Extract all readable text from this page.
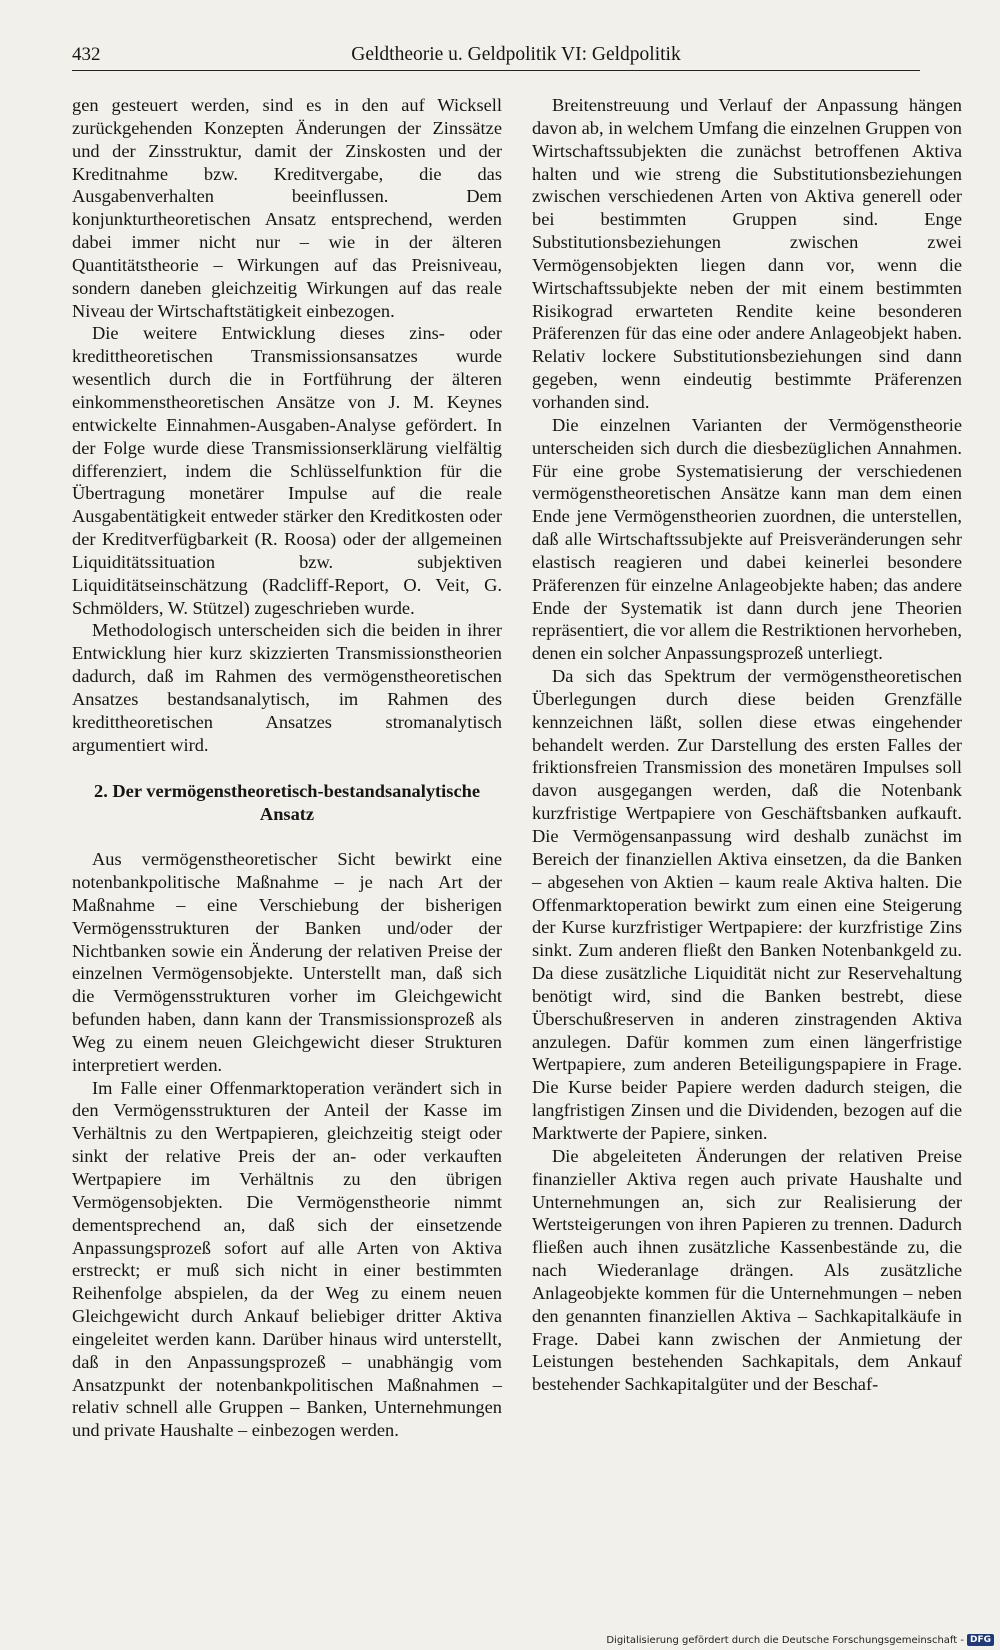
432	Geldtheorie u. Geldpolitik VI: Geldpolitik

gen gesteuert werden, sind es in den auf Wicksell zurückgehenden Konzepten Änderungen der Zinssätze und der Zinsstruktur, damit der Zinskosten und der Kreditnahme bzw. Kreditvergabe, die das Ausgabenverhalten beeinflussen. Dem konjunkturtheoretischen Ansatz entsprechend, werden dabei immer nicht nur – wie in der älteren Quantitätstheorie – Wirkungen auf das Preisniveau, sondern daneben gleichzeitig Wirkungen auf das reale Niveau der Wirtschaftstätigkeit einbezogen.

Die weitere Entwicklung dieses zins- oder kredittheoretischen Transmissionsansatzes wurde wesentlich durch die in Fortführung der älteren einkommenstheoretischen Ansätze von J. M. Keynes entwickelte Einnahmen-Ausgaben-Analyse gefördert. In der Folge wurde diese Transmissionserklärung vielfältig differenziert, indem die Schlüsselfunktion für die Übertragung monetärer Impulse auf die reale Ausgabentätigkeit entweder stärker den Kreditkosten oder der Kreditverfügbarkeit (R. Roosa) oder der allgemeinen Liquiditätssituation bzw. subjektiven Liquiditätseinschätzung (Radcliff-Report, O. Veit, G. Schmölders, W. Stützel) zugeschrieben wurde.

Methodologisch unterscheiden sich die beiden in ihrer Entwicklung hier kurz skizzierten Transmissionstheorien dadurch, daß im Rahmen des vermögenstheoretischen Ansatzes bestandsanalytisch, im Rahmen des kredittheoretischen Ansatzes stromanalytisch argumentiert wird.

2. Der vermögenstheoretisch-bestandsanalytische
Ansatz

Aus vermögenstheoretischer Sicht bewirkt eine notenbankpolitische Maßnahme – je nach Art der Maßnahme – eine Verschiebung der bisherigen Vermögensstrukturen der Banken und/oder der Nichtbanken sowie ein Änderung der relativen Preise der einzelnen Vermögensobjekte. Unterstellt man, daß sich die Vermögensstrukturen vorher im Gleichgewicht befunden haben, dann kann der Transmissionsprozeß als Weg zu einem neuen Gleichgewicht dieser Strukturen interpretiert werden.

Im Falle einer Offenmarktoperation verändert sich in den Vermögensstrukturen der Anteil der Kasse im Verhältnis zu den Wertpapieren, gleichzeitig steigt oder sinkt der relative Preis der an- oder verkauften Wertpapiere im Verhältnis zu den übrigen Vermögensobjekten. Die Vermögenstheorie nimmt dementsprechend an, daß sich der einsetzende Anpassungsprozeß sofort auf alle Arten von Aktiva erstreckt; er muß sich nicht in einer bestimmten Reihenfolge abspielen, da der Weg zu einem neuen Gleichgewicht durch Ankauf beliebiger dritter Aktiva eingeleitet werden kann. Darüber hinaus wird unterstellt, daß in den Anpassungsprozeß – unabhängig vom Ansatzpunkt der notenbankpolitischen Maßnahmen – relativ schnell alle Gruppen – Banken, Unternehmungen und private Haushalte – einbezogen werden.

Breitenstreuung und Verlauf der Anpassung hängen davon ab, in welchem Umfang die einzelnen Gruppen von Wirtschaftssubjekten die zunächst betroffenen Aktiva halten und wie streng die Substitutionsbeziehungen zwischen verschiedenen Arten von Aktiva generell oder bei bestimmten Gruppen sind. Enge Substitutionsbeziehungen zwischen zwei Vermögensobjekten liegen dann vor, wenn die Wirtschaftssubjekte neben der mit einem bestimmten Risikograd erwarteten Rendite keine besonderen Präferenzen für das eine oder andere Anlageobjekt haben. Relativ lockere Substitutionsbeziehungen sind dann gegeben, wenn eindeutig bestimmte Präferenzen vorhanden sind.

Die einzelnen Varianten der Vermögenstheorie unterscheiden sich durch die diesbezüglichen Annahmen. Für eine grobe Systematisierung der verschiedenen vermögenstheoretischen Ansätze kann man dem einen Ende jene Vermögenstheorien zuordnen, die unterstellen, daß alle Wirtschaftssubjekte auf Preisveränderungen sehr elastisch reagieren und dabei keinerlei besondere Präferenzen für einzelne Anlageobjekte haben; das andere Ende der Systematik ist dann durch jene Theorien repräsentiert, die vor allem die Restriktionen hervorheben, denen ein solcher Anpassungsprozeß unterliegt.

Da sich das Spektrum der vermögenstheoretischen Überlegungen durch diese beiden Grenzfälle kennzeichnen läßt, sollen diese etwas eingehender behandelt werden. Zur Darstellung des ersten Falles der friktionsfreien Transmission des monetären Impulses soll davon ausgegangen werden, daß die Notenbank kurzfristige Wertpapiere von Geschäftsbanken aufkauft. Die Vermögensanpassung wird deshalb zunächst im Bereich der finanziellen Aktiva einsetzen, da die Banken – abgesehen von Aktien – kaum reale Aktiva halten. Die Offenmarktoperation bewirkt zum einen eine Steigerung der Kurse kurzfristiger Wertpapiere: der kurzfristige Zins sinkt. Zum anderen fließt den Banken Notenbankgeld zu. Da diese zusätzliche Liquidität nicht zur Reservehaltung benötigt wird, sind die Banken bestrebt, diese Überschußreserven in anderen zinstragenden Aktiva anzulegen. Dafür kommen zum einen längerfristige Wertpapiere, zum anderen Beteiligungspapiere in Frage. Die Kurse beider Papiere werden dadurch steigen, die langfristigen Zinsen und die Dividenden, bezogen auf die Marktwerte der Papiere, sinken.

Die abgeleiteten Änderungen der relativen Preise finanzieller Aktiva regen auch private Haushalte und Unternehmungen an, sich zur Realisierung der Wertsteigerungen von ihren Papieren zu trennen. Dadurch fließen auch ihnen zusätzliche Kassenbestände zu, die nach Wiederanlage drängen. Als zusätzliche Anlageobjekte kommen für die Unternehmungen – neben den genannten finanziellen Aktiva – Sachkapitalkäufe in Frage. Dabei kann zwischen der Anmietung der Leistungen bestehenden Sachkapitals, dem Ankauf bestehender Sachkapitalgüter und der Beschaf-

Digitalisierung gefördert durch die Deutsche Forschungsgemeinschaft - DFG
